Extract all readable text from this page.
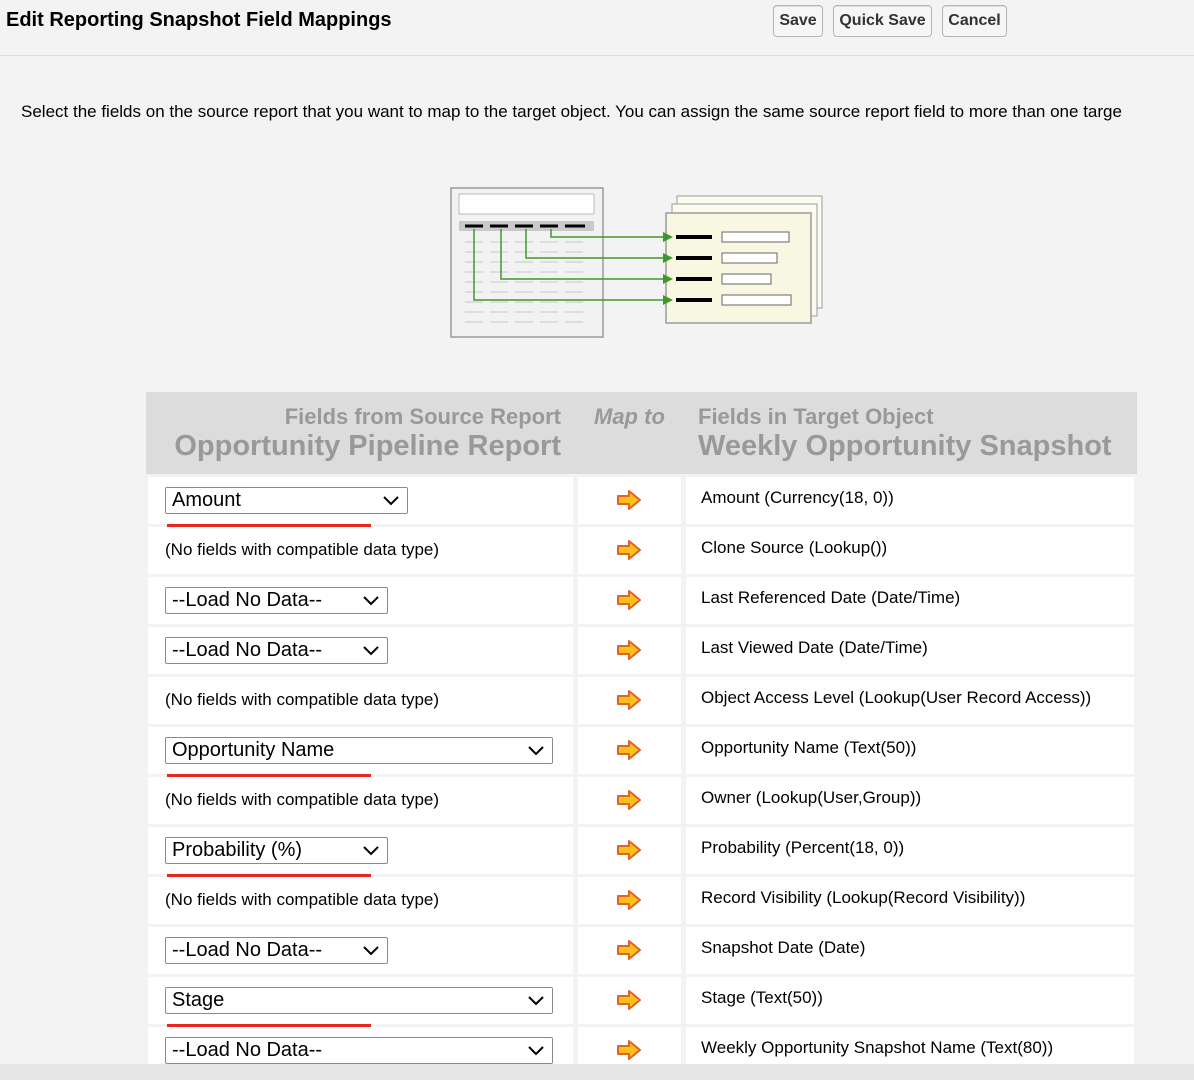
Edit Reporting Snapshot Field Mappings	Save	Quick Save	Cancel
Select the fields on the source report that you want to map to the target object. You can assign the same source report field to more than one targe
Fields from Source Report
Opportunity Pipeline Report
Map to Fields in Target Object
Weekly Opportunity Snapshot
Amount	Amount (Currency(18, 0))
(No fields with compatible data type)	Clone Source (Lookup())
--Load No Data--	Last Referenced Date (Date/Time)
--Load No Data--	Last Viewed Date (Date/Time)
(No fields with compatible data type)	Object Access Level (Lookup(User Record Access))
Opportunity Name	Opportunity Name (Text(50))
(No fields with compatible data type)	Owner (Lookup(User,Group))
Probability (%)	Probability (Percent(18, 0))
(No fields with compatible data type)	Record Visibility (Lookup(Record Visibility))
--Load No Data--	Snapshot Date (Date)
Stage	Stage (Text(50))
--Load No Data--	Weekly Opportunity Snapshot Name (Text(80))
